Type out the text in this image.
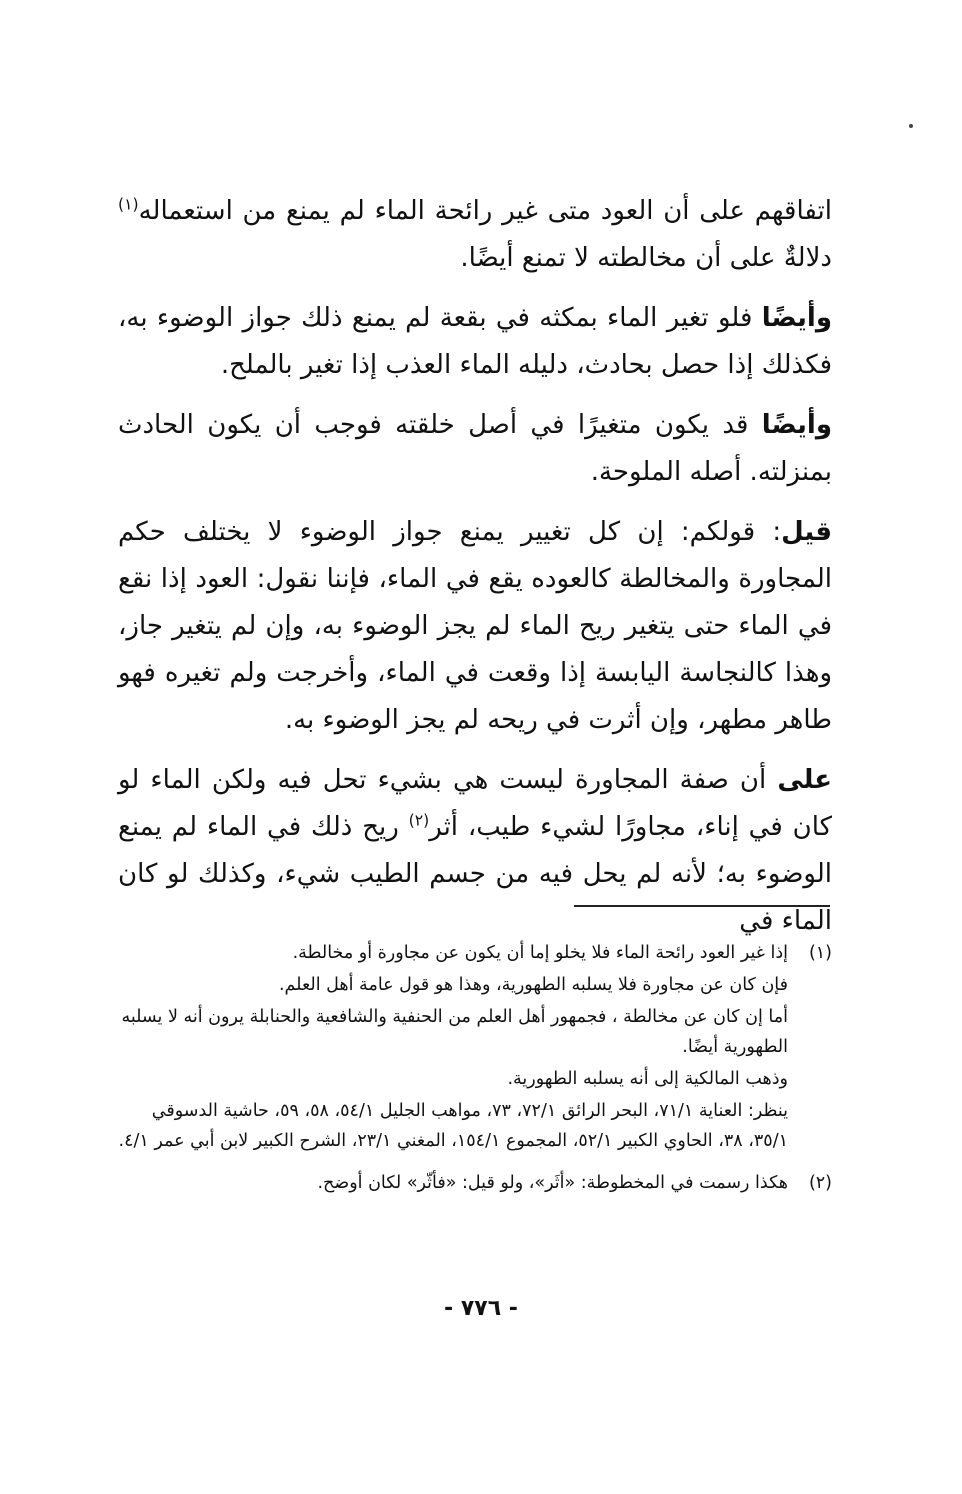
اتفاقهم على أن العود متى غير رائحة الماء لم يمنع من استعماله$^{(١)}$ دلالةٌ على أن مخالطته لا تمنع أيضًا.

وأيضًا فلو تغير الماء بمكثه في بقعة لم يمنع ذلك جواز الوضوء به، فكذلك إذا حصل بحادث، دليله الماء العذب إذا تغير بالملح.

وأيضًا قد يكون متغيرًا في أصل خلقته فوجب أن يكون الحادث بمنزلته. أصله الملوحة.

قيل: قولكم: إن كل تغيير يمنع جواز الوضوء لا يختلف حكم المجاورة والمخالطة كالعوده يقع في الماء، فإننا نقول: العود إذا نقع في الماء حتى يتغير ريح الماء لم يجز الوضوء به، وإن لم يتغير جاز، وهذا كالنجاسة اليابسة إذا وقعت في الماء، وأخرجت ولم تغيره فهو طاهر مطهر، وإن أثرت في ريحه لم يجز الوضوء به.

على أن صفة المجاورة ليست هي بشيء تحل فيه ولكن الماء لو كان في إناء، مجاورًا لشيء طيب، أثر$^{(٢)}$ ريح ذلك في الماء لم يمنع الوضوء به؛ لأنه لم يحل فيه من جسم الطيب شيء، وكذلك لو كان الماء في

(١)
إذا غير العود رائحة الماء فلا يخلو إما أن يكون عن مجاورة أو مخالطة.
فإن كان عن مجاورة فلا يسلبه الطهورية، وهذا هو قول عامة أهل العلم.
أما إن كان عن مخالطة ، فجمهور أهل العلم من الحنفية والشافعية والحنابلة يرون أنه لا يسلبه الطهورية أيضًا.
وذهب المالكية إلى أنه يسلبه الطهورية.
ينظر: العناية ٧١/١، البحر الرائق ٧٢/١، ٧٣، مواهب الجليل ٥٤/١، ٥٨، ٥٩، حاشية الدسوقي ٣٥/١، ٣٨، الحاوي الكبير ٥٢/١، المجموع ١٥٤/١، المغني ٢٣/١، الشرح الكبير لابن أبي عمر ٤/١.
(٢)
هكذا رسمت في المخطوطة: «أثَر»، ولو قيل: «فأثّر» لكان أوضح.
- ٧٧٦ -
